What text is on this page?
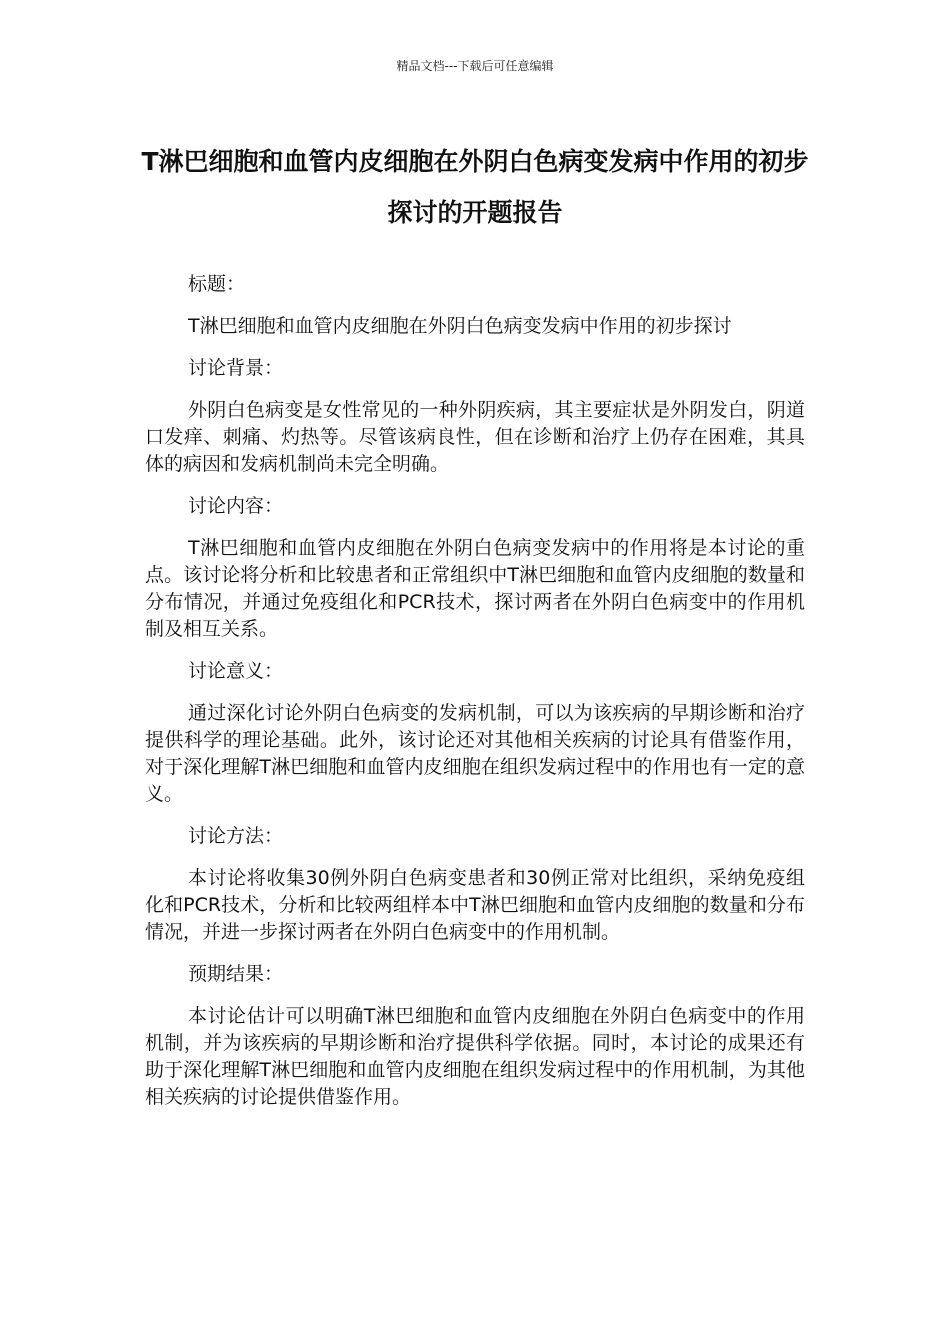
精品文档---下载后可任意编辑
T淋巴细胞和血管内皮细胞在外阴白色病变发病中作用的初步探讨的开题报告

标题：

T淋巴细胞和血管内皮细胞在外阴白色病变发病中作用的初步探讨

讨论背景：

外阴白色病变是女性常见的一种外阴疾病，其主要症状是外阴发白，阴道口发痒、刺痛、灼热等。尽管该病良性，但在诊断和治疗上仍存在困难，其具体的病因和发病机制尚未完全明确。

讨论内容：

T淋巴细胞和血管内皮细胞在外阴白色病变发病中的作用将是本讨论的重点。该讨论将分析和比较患者和正常组织中T淋巴细胞和血管内皮细胞的数量和分布情况，并通过免疫组化和PCR技术，探讨两者在外阴白色病变中的作用机制及相互关系。

讨论意义：

通过深化讨论外阴白色病变的发病机制，可以为该疾病的早期诊断和治疗提供科学的理论基础。此外，该讨论还对其他相关疾病的讨论具有借鉴作用，对于深化理解T淋巴细胞和血管内皮细胞在组织发病过程中的作用也有一定的意义。

讨论方法：

本讨论将收集30例外阴白色病变患者和30例正常对比组织，采纳免疫组化和PCR技术，分析和比较两组样本中T淋巴细胞和血管内皮细胞的数量和分布情况，并进一步探讨两者在外阴白色病变中的作用机制。

预期结果：

本讨论估计可以明确T淋巴细胞和血管内皮细胞在外阴白色病变中的作用机制，并为该疾病的早期诊断和治疗提供科学依据。同时，本讨论的成果还有助于深化理解T淋巴细胞和血管内皮细胞在组织发病过程中的作用机制，为其他相关疾病的讨论提供借鉴作用。
